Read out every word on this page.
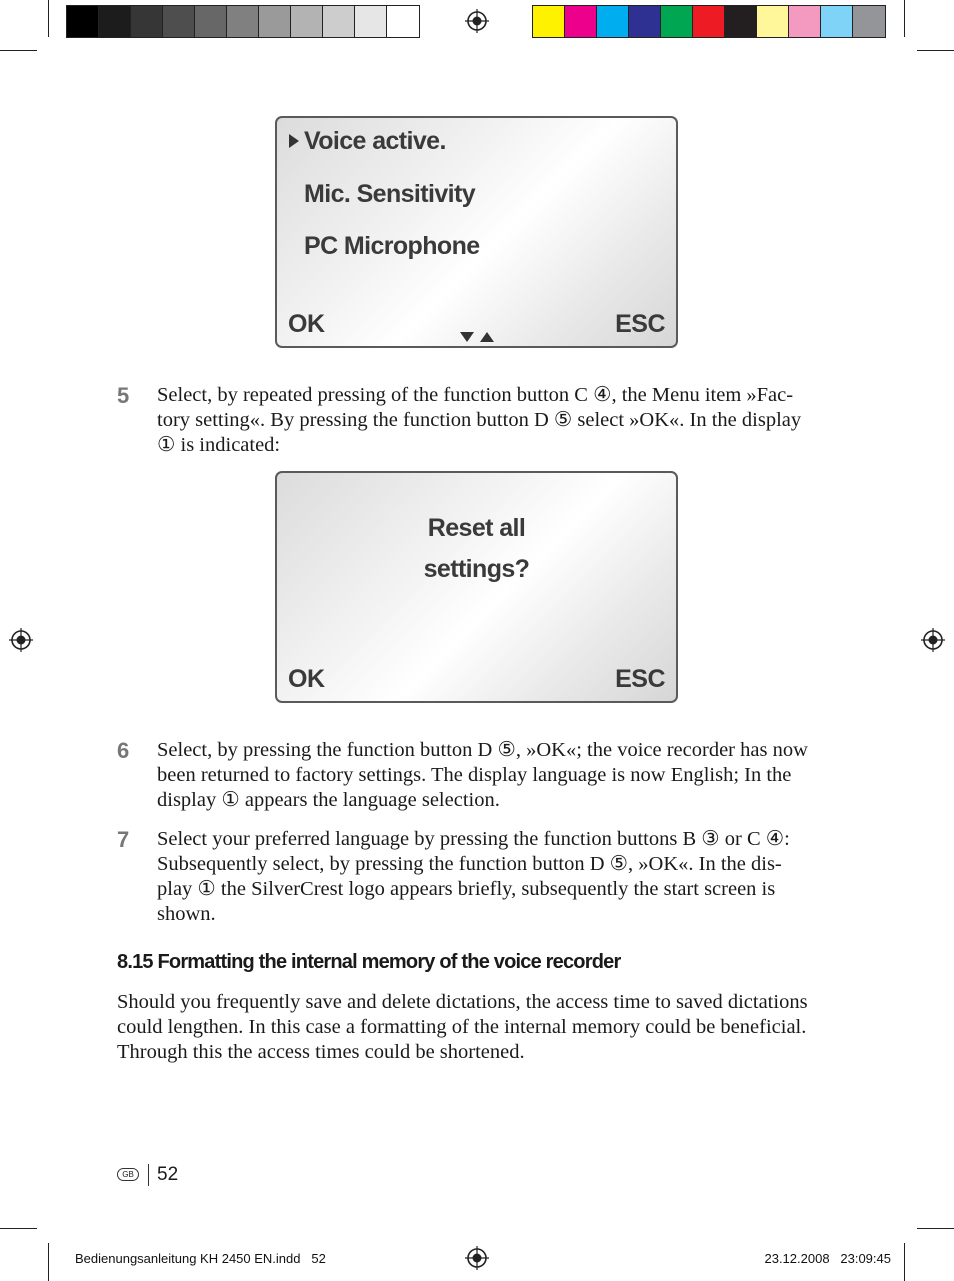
Voice active.
Mic. Sensitivity
PC Microphone
OK	ESC
5 Select, by repeated pressing of the function button C ④, the Menu item »Fac-

tory setting«. By pressing the function button D ⑤ select »OK«. In the display

① is indicated:

Reset all
settings?
OK	ESC
6 Select, by pressing the function button D ⑤, »OK«; the voice recorder has now

been returned to factory settings. The display language is now English; In the

display ① appears the language selection.

7 Select your preferred language by pressing the function buttons B ③ or C ④:

Subsequently select, by pressing the function button D ⑤, »OK«. In the dis-

play ① the SilverCrest logo appears briefly, subsequently the start screen is

shown.

8.15 Formatting the internal memory of the voice recorder

Should you frequently save and delete dictations, the access time to saved dictations

could lengthen. In this case a formatting of the internal memory could be beneficial.

Through this the access times could be shortened.

GB 52
Bedienungsanleitung KH 2450 EN.indd   52	23.12.2008   23:09:45
